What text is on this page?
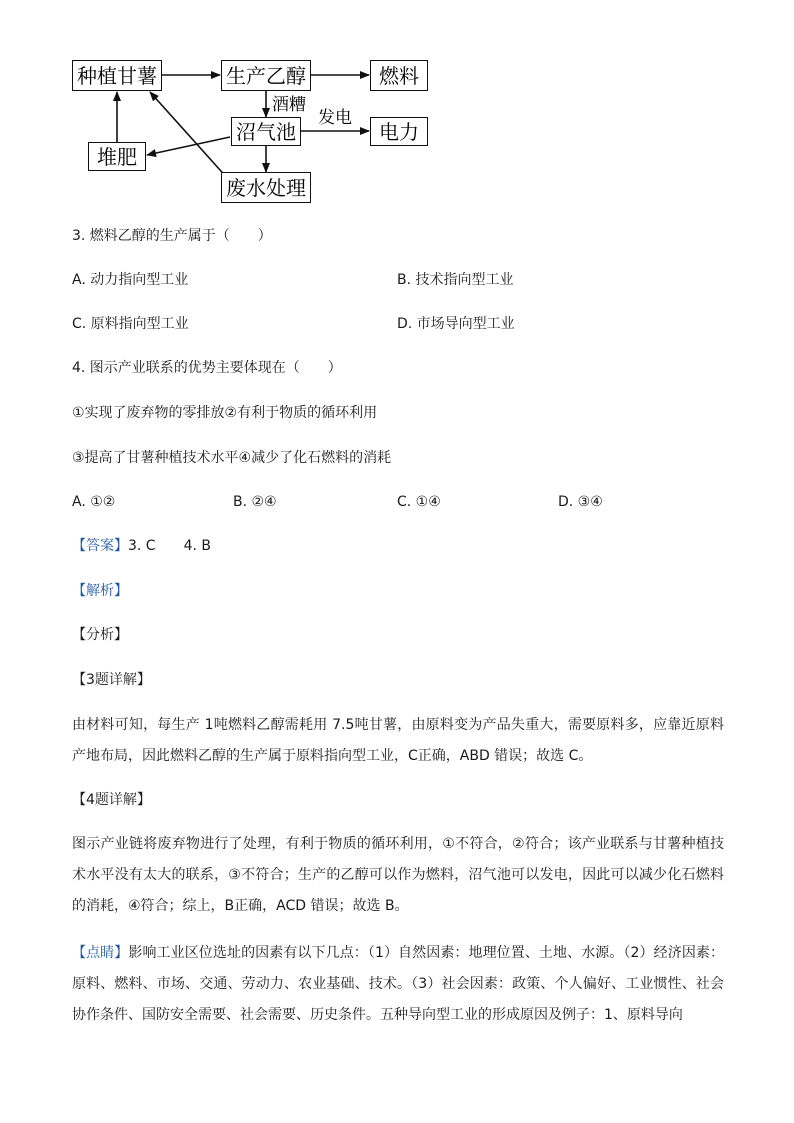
种植甘薯	生产乙醇	燃料
沼气池	电力
堆肥
废水处理
酒糟
发电
3. 燃料乙醇的生产属于（　　）
A. 动力指向型工业	B. 技术指向型工业
C. 原料指向型工业	D. 市场导向型工业
4. 图示产业联系的优势主要体现在（　　）
①实现了废弃物的零排放②有利于物质的循环利用
③提高了甘薯种植技术水平④减少了化石燃料的消耗
A. ①②	B. ②④	C. ①④	D. ③④
【答案】3. C　　4. B
【解析】
【分析】
【3题详解】
由材料可知，每生产 1吨燃料乙醇需耗用 7.5吨甘薯，由原料变为产品失重大，需要原料多，应靠近原料产地布局，因此燃料乙醇的生产属于原料指向型工业，C正确，ABD 错误；故选 C。
【4题详解】
图示产业链将废弃物进行了处理，有利于物质的循环利用，①不符合，②符合；该产业联系与甘薯种植技术水平没有太大的联系，③不符合；生产的乙醇可以作为燃料，沼气池可以发电，因此可以减少化石燃料的消耗，④符合；综上，B正确，ACD 错误；故选 B。
【点睛】影响工业区位选址的因素有以下几点：（1）自然因素：地理位置、土地、水源。（2）经济因素：原料、燃料、市场、交通、劳动力、农业基础、技术。（3）社会因素：政策、个人偏好、工业惯性、社会协作条件、国防安全需要、社会需要、历史条件。五种导向型工业的形成原因及例子：1、原料导向
